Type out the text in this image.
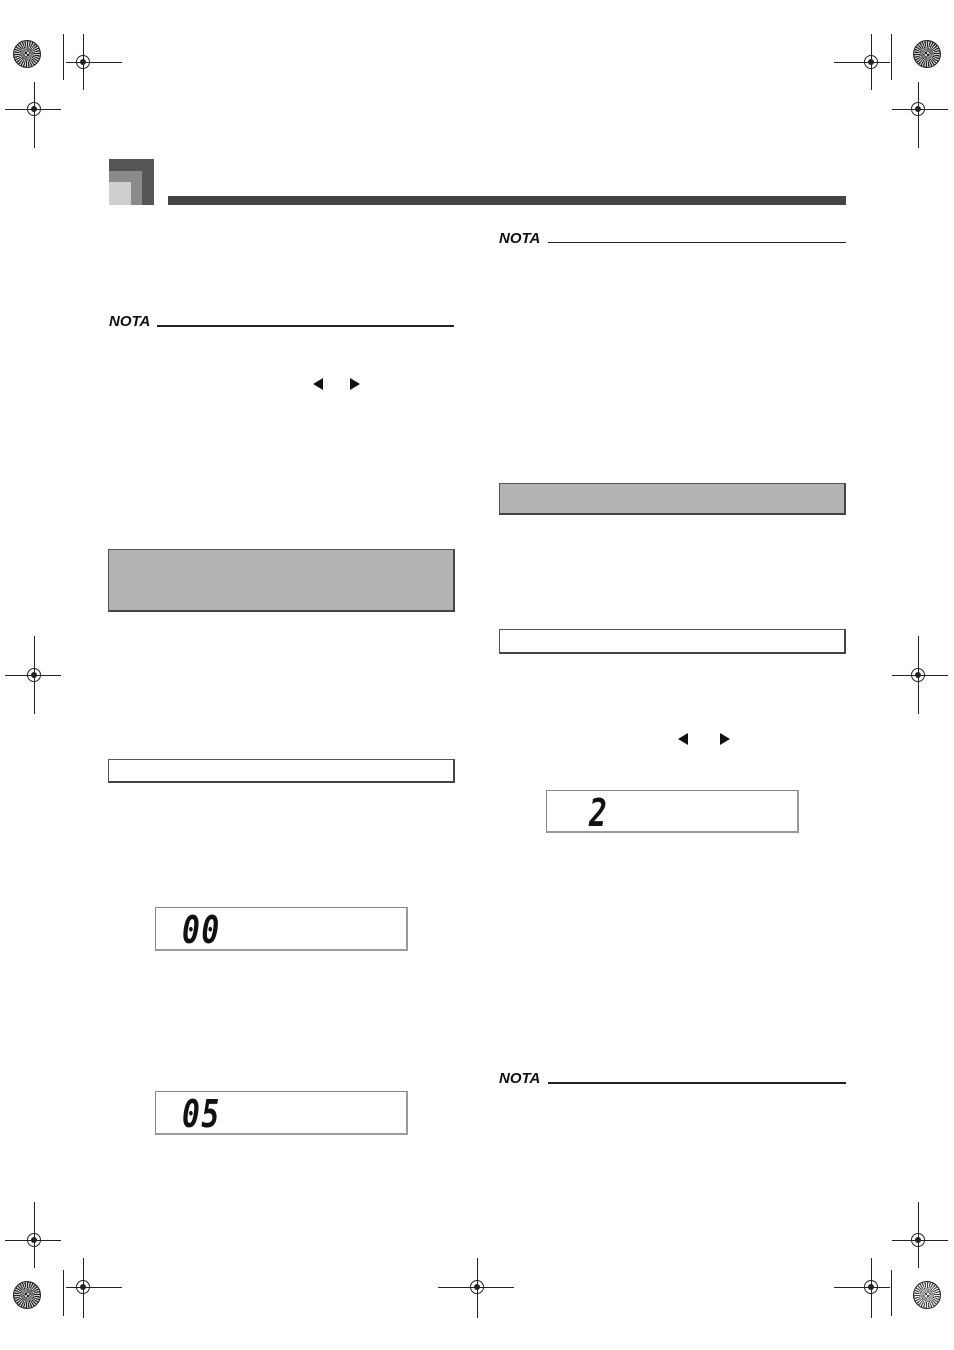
NOTA
00
05
NOTA
2
NOTA
